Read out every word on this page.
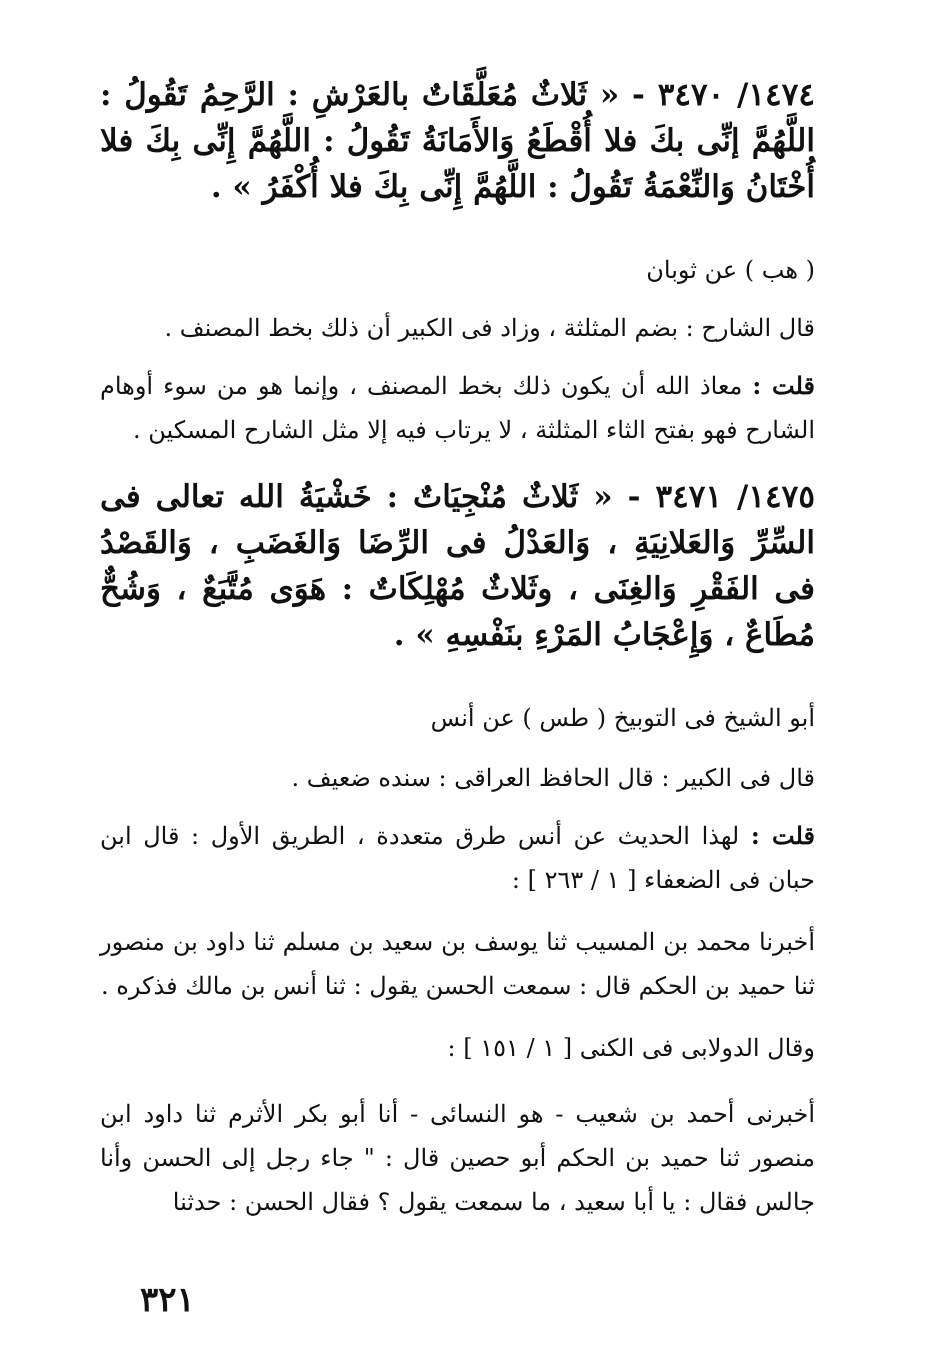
١٤٧٤/ ٣٤٧٠ - « ثَلاثٌ مُعَلَّقَاتٌ بالعَرْشِ : الرَّحِمُ تَقُولُ : اللَّهُمَّ إنِّى بكَ فلا أُقْطَعُ وَالأَمَانَةُ تَقُولُ : اللَّهُمَّ إِنِّى بِكَ فلا أُخْتَانُ وَالنِّعْمَةُ تَقُولُ : اللَّهُمَّ إِنِّى بِكَ فلا أُكْفَرُ » .
( هب ) عن ثوبان
قال الشارح : بضم المثلثة ، وزاد فى الكبير أن ذلك بخط المصنف .
قلت : معاذ الله أن يكون ذلك بخط المصنف ، وإنما هو من سوء أوهام الشارح فهو بفتح الثاء المثلثة ، لا يرتاب فيه إلا مثل الشارح المسكين .
١٤٧٥/ ٣٤٧١ - « ثَلاثٌ مُنْجِيَاتٌ : خَشْيَةُ الله تعالى فى السِّرِّ وَالعَلانِيَةِ ، وَالعَدْلُ فى الرِّضَا وَالغَضَبِ ، وَالقَصْدُ فى الفَقْرِ وَالغِنَى ، وثَلاثٌ مُهْلِكَاتٌ : هَوَى مُتَّبَعٌ ، وَشُحٌّ مُطَاعٌ ، وَإِعْجَابُ المَرْءِ بنَفْسِهِ » .
أبو الشيخ فى التوبيخ ( طس ) عن أنس
قال فى الكبير : قال الحافظ العراقى : سنده ضعيف .
قلت : لهذا الحديث عن أنس طرق متعددة ، الطريق الأول : قال ابن حبان فى الضعفاء [ ١ / ٢٦٣ ] :
أخبرنا محمد بن المسيب ثنا يوسف بن سعيد بن مسلم ثنا داود بن منصور ثنا حميد بن الحكم قال : سمعت الحسن يقول : ثنا أنس بن مالك فذكره .
وقال الدولابى فى الكنى [ ١ / ١٥١ ] :
أخبرنى أحمد بن شعيب - هو النسائى - أنا أبو بكر الأثرم ثنا داود ابن منصور ثنا حميد بن الحكم أبو حصين قال : " جاء رجل إلى الحسن وأنا جالس فقال : يا أبا سعيد ، ما سمعت يقول ؟ فقال الحسن : حدثنا
٣٢١
